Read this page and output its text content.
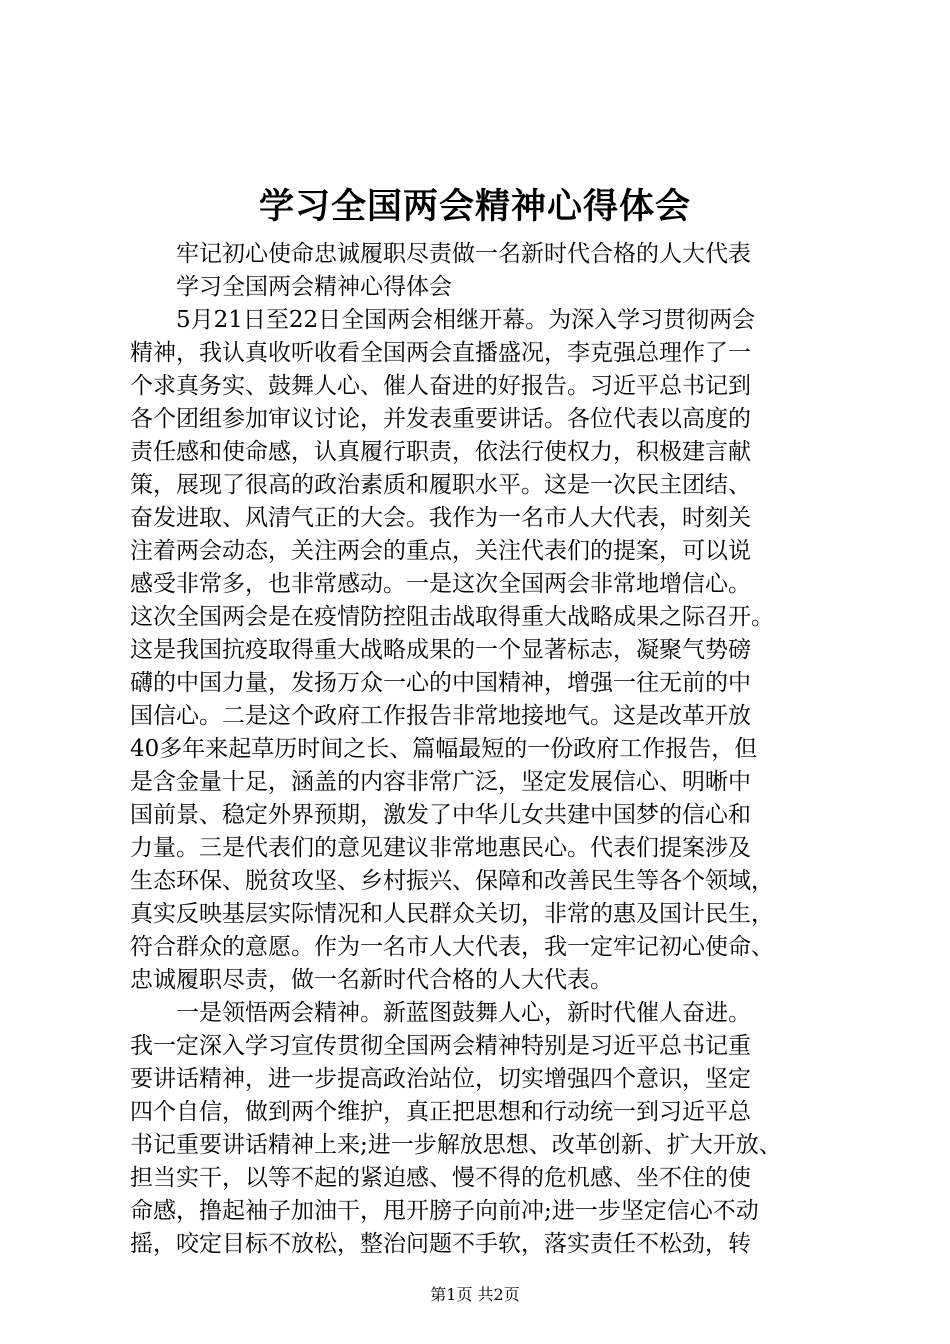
学习全国两会精神心得体会
牢记初心使命忠诚履职尽责做一名新时代合格的人大代表
学习全国两会精神心得体会
5月21日至22日全国两会相继开幕。为深入学习贯彻两会
精神，我认真收听收看全国两会直播盛况，李克强总理作了一
个求真务实、鼓舞人心、催人奋进的好报告。习近平总书记到
各个团组参加审议讨论，并发表重要讲话。各位代表以高度的
责任感和使命感，认真履行职责，依法行使权力，积极建言献
策，展现了很高的政治素质和履职水平。这是一次民主团结、
奋发进取、风清气正的大会。我作为一名市人大代表，时刻关
注着两会动态，关注两会的重点，关注代表们的提案，可以说
感受非常多，也非常感动。一是这次全国两会非常地增信心。
这次全国两会是在疫情防控阻击战取得重大战略成果之际召开。
这是我国抗疫取得重大战略成果的一个显著标志，凝聚气势磅
礴的中国力量，发扬万众一心的中国精神，增强一往无前的中
国信心。二是这个政府工作报告非常地接地气。这是改革开放
40多年来起草历时间之长、篇幅最短的一份政府工作报告，但
是含金量十足，涵盖的内容非常广泛，坚定发展信心、明晰中
国前景、稳定外界预期，激发了中华儿女共建中国梦的信心和
力量。三是代表们的意见建议非常地惠民心。代表们提案涉及
生态环保、脱贫攻坚、乡村振兴、保障和改善民生等各个领域，
真实反映基层实际情况和人民群众关切，非常的惠及国计民生，
符合群众的意愿。作为一名市人大代表，我一定牢记初心使命、
忠诚履职尽责，做一名新时代合格的人大代表。
一是领悟两会精神。新蓝图鼓舞人心，新时代催人奋进。
我一定深入学习宣传贯彻全国两会精神特别是习近平总书记重
要讲话精神，进一步提高政治站位，切实增强四个意识，坚定
四个自信，做到两个维护，真正把思想和行动统一到习近平总
书记重要讲话精神上来;进一步解放思想、改革创新、扩大开放、
担当实干，以等不起的紧迫感、慢不得的危机感、坐不住的使
命感，撸起袖子加油干，甩开膀子向前冲;进一步坚定信心不动
摇，咬定目标不放松，整治问题不手软，落实责任不松劲，转
第1页 共2页
